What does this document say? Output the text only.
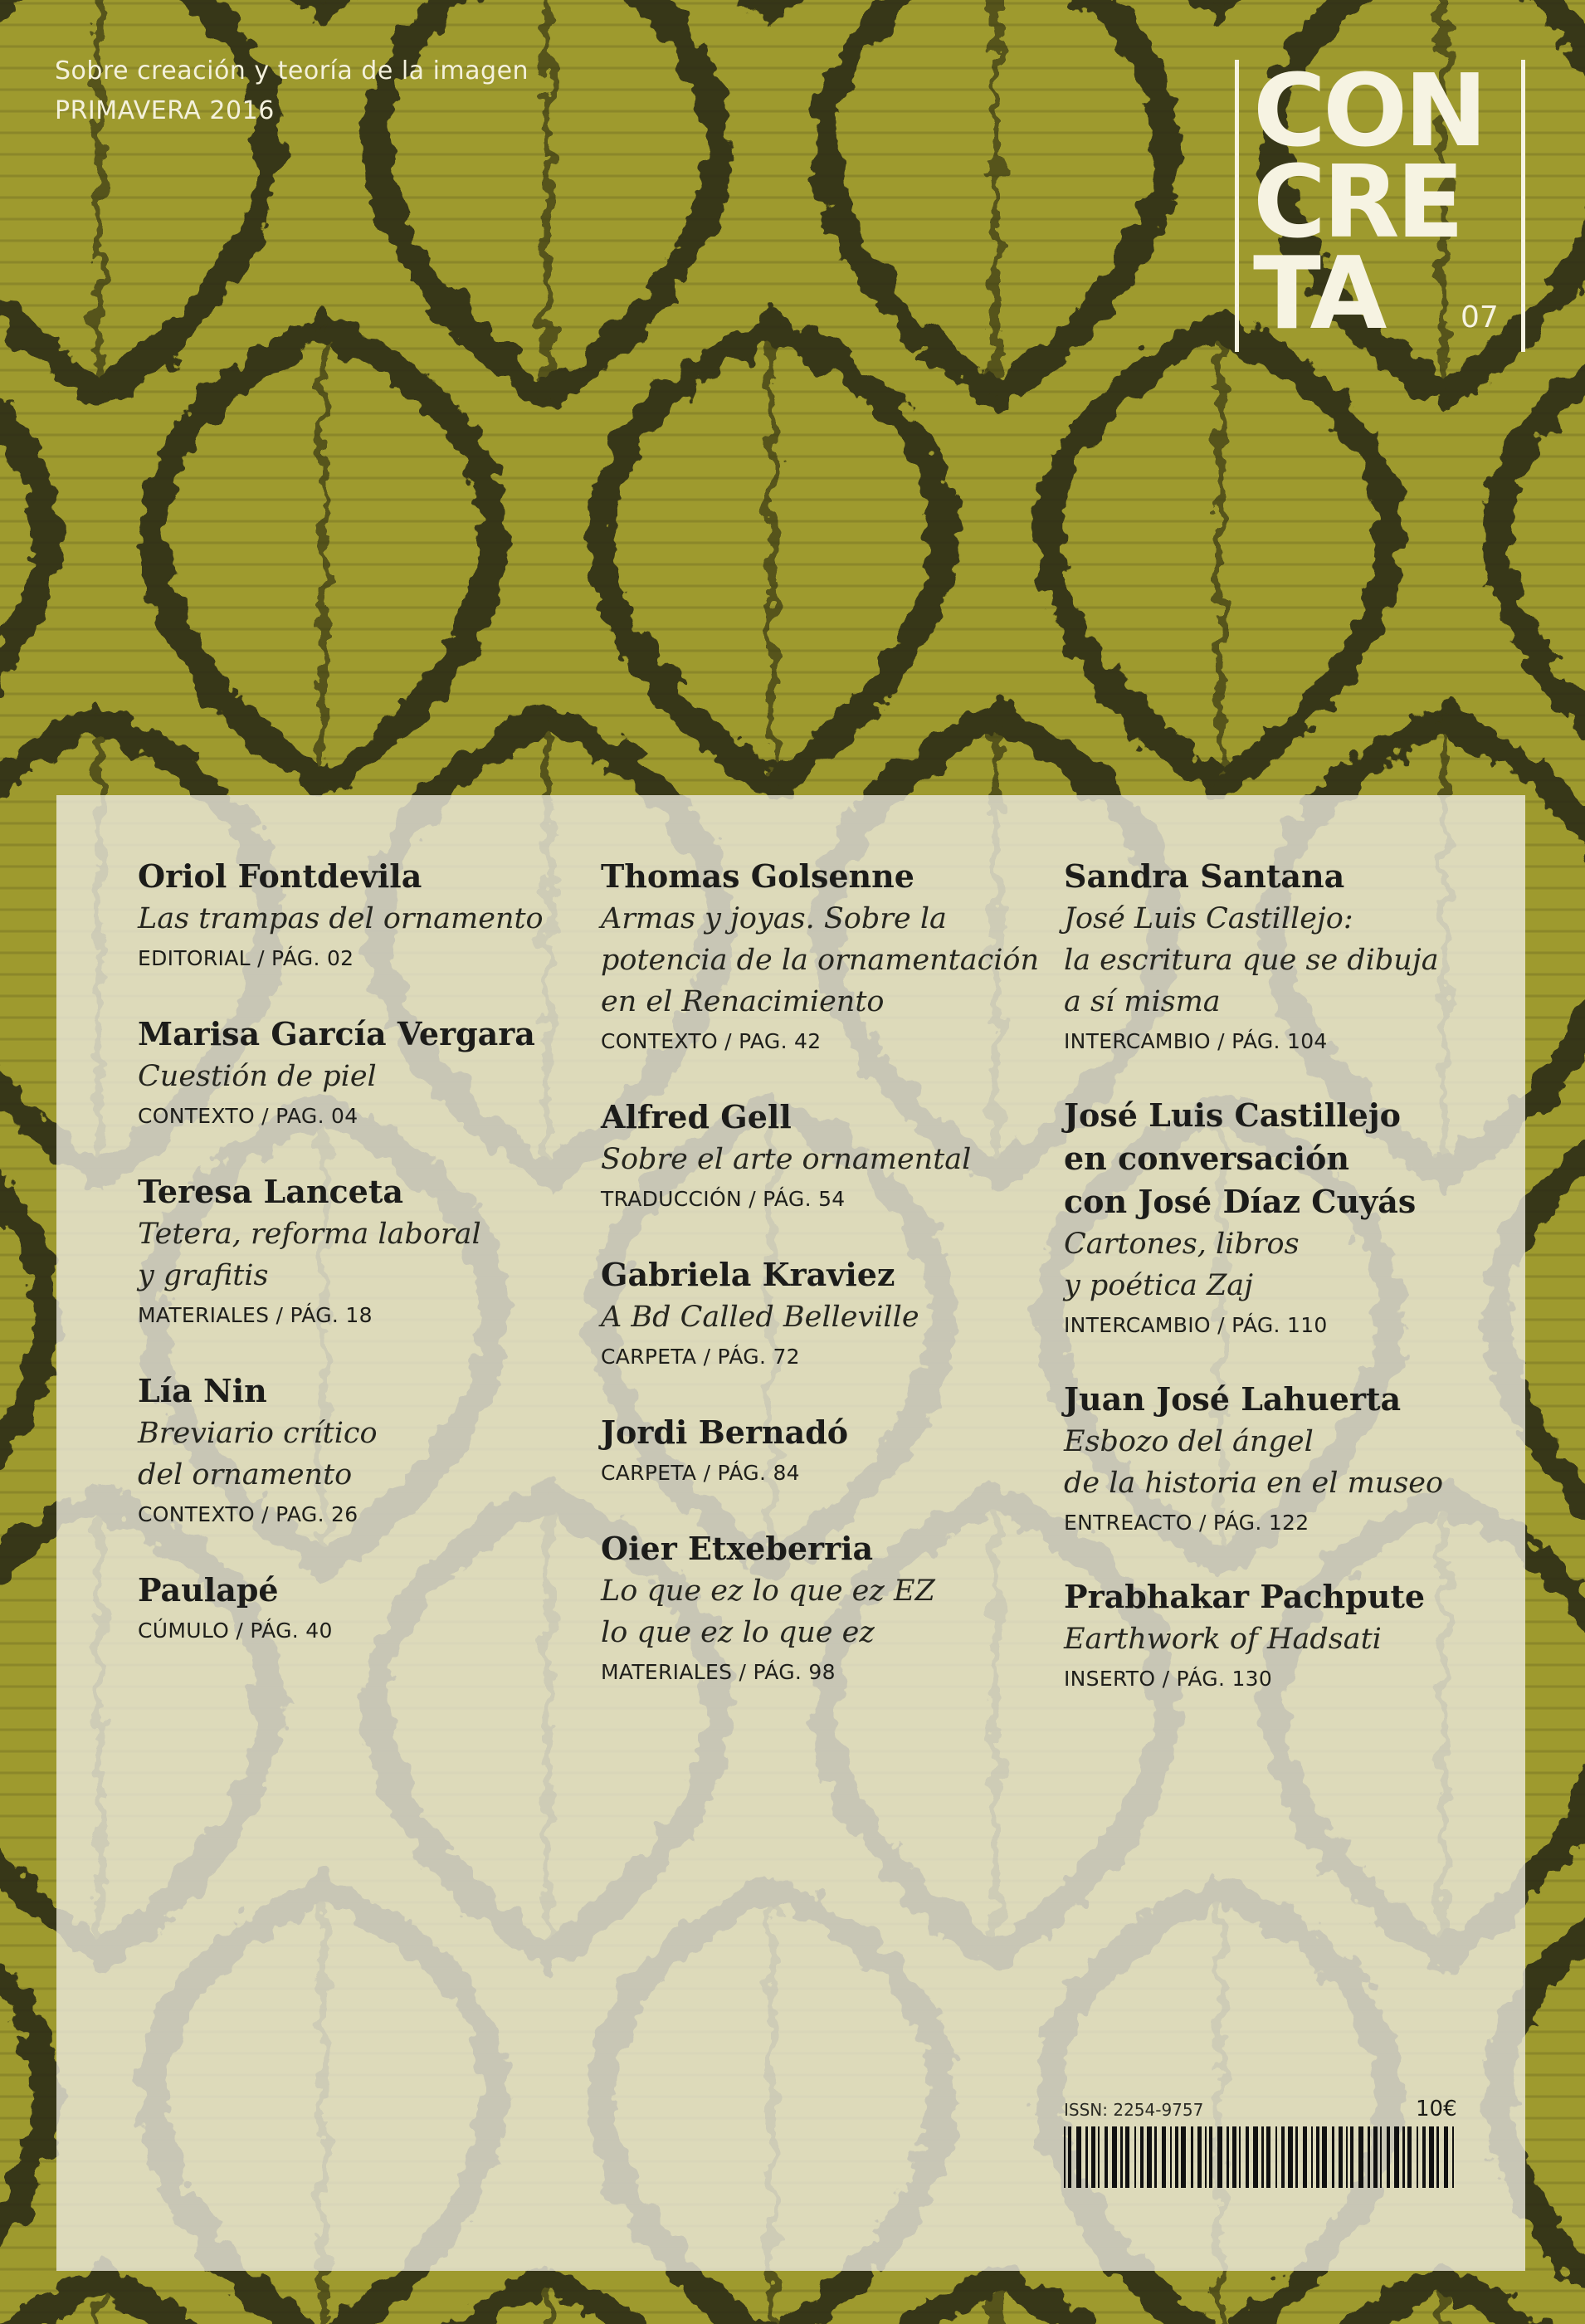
Sobre creación y teoría de la imagen
PRIMAVERA 2016	CON
CRE
TA	07
Oriol Fontdevila
Las trampas del ornamento
EDITORIAL / PÁG. 02
Marisa García Vergara
Cuestión de piel
CONTEXTO / PAG. 04
Teresa Lanceta
Tetera, reforma laboral
y grafitis
MATERIALES / PÁG. 18
Lía Nin
Breviario crítico
del ornamento
CONTEXTO / PAG. 26
Paulapé
CÚMULO / PÁG. 40
Thomas Golsenne
Armas y joyas. Sobre la
potencia de la ornamentación
en el Renacimiento
CONTEXTO / PAG. 42
Alfred Gell
Sobre el arte ornamental
TRADUCCIÓN / PÁG. 54
Gabriela Kraviez
A Bd Called Belleville
CARPETA / PÁG. 72
Jordi Bernadó
CARPETA / PÁG. 84
Oier Etxeberria
Lo que ez lo que ez EZ
lo que ez lo que ez
MATERIALES / PÁG. 98
Sandra Santana
José Luis Castillejo:
la escritura que se dibuja
a sí misma
INTERCAMBIO / PÁG. 104
José Luis Castillejo
en conversación
con José Díaz Cuyás
Cartones, libros
y poética Zaj
INTERCAMBIO / PÁG. 110
Juan José Lahuerta
Esbozo del ángel
de la historia en el museo
ENTREACTO / PÁG. 122
Prabhakar Pachpute
Earthwork of Hadsati
INSERTO / PÁG. 130
ISSN: 2254-9757	10€
